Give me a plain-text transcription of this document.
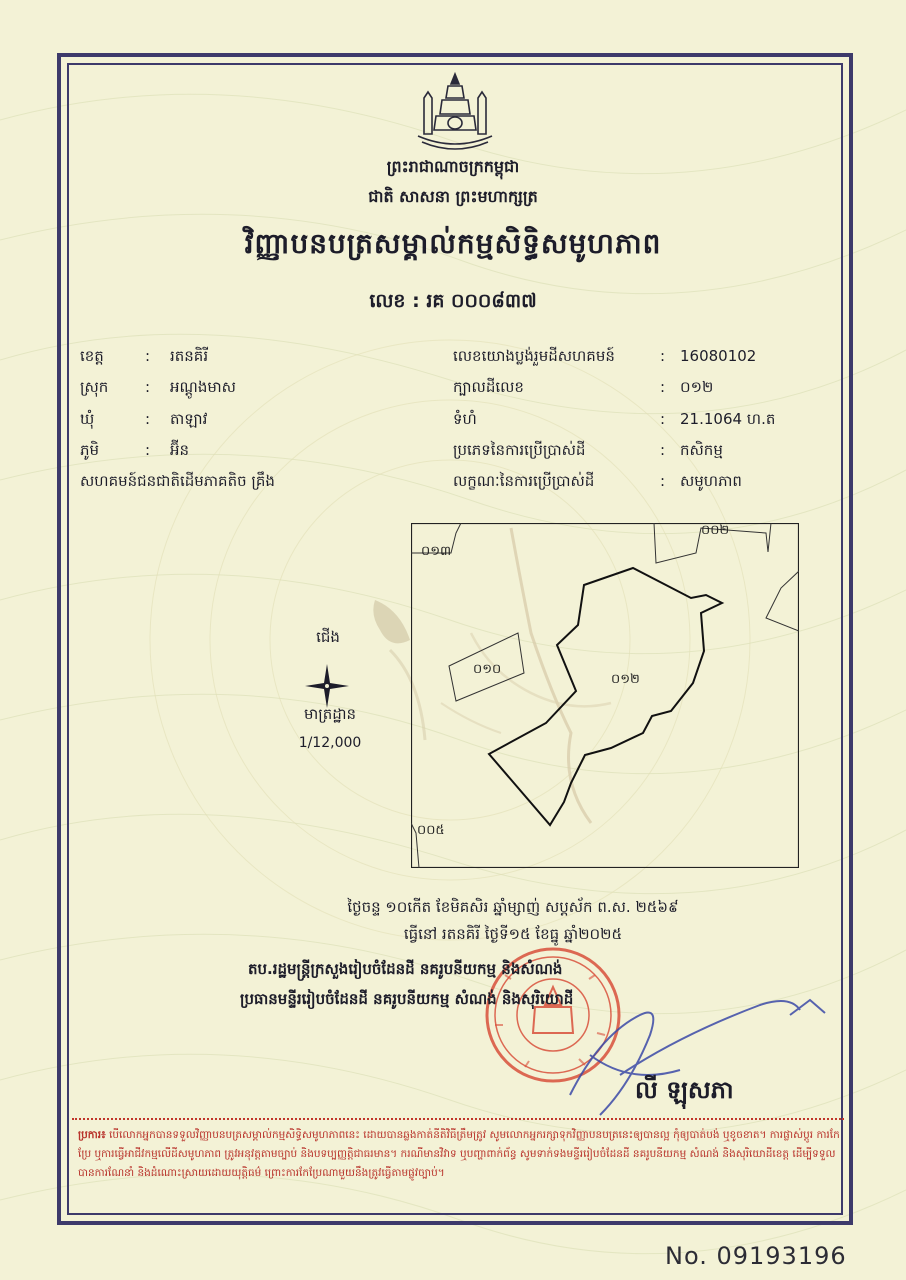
ព្រះរាជាណាចក្រកម្ពុជា
ជាតិ សាសនា ព្រះមហាក្សត្រ
វិញ្ញាបនបត្រសម្គាល់កម្មសិទ្ធិសមូហភាព
លេខ : រគ ០០០៨៣៧
ខេត្ត	: រតនគិរី
ស្រុក : អណ្ដូងមាស
ឃុំ	: តាឡាវ
ភូមិ	: អ៊ីន
សហគមន៍ជនជាតិដើមភាគតិច គ្រឹង
លេខយោងប្លង់រួមដីសហគមន៍	: 16080102
ក្បាលដីលេខ	: ០១២
ទំហំ	: 21.1064 ហ.ត
ប្រភេទនៃការប្រើប្រាស់ដី	: កសិកម្ម
លក្ខណៈនៃការប្រើប្រាស់ដី	: សមូហភាព
០១៣
០០២
០១០
០១២
០០៥
ជើង
មាត្រដ្ឋាន
1/12,000
ថ្ងៃចន្ទ ១០កេីត ខែមិគសិរ ឆ្នាំម្សាញ់ សប្ដស័ក ព.ស. ២៥៦៩
ធ្វើនៅ រតនគិរី ថ្ងៃទី១៥ ខែធ្នូ ឆ្នាំ២០២៥
តប.រដ្ឋមន្ត្រីក្រសួងរៀបចំដែនដី នគរូបនីយកម្ម និងសំណង់
ប្រធានមន្ទីររៀបចំដែនដី នគរូបនីយកម្ម សំណង់ និងសុរិយោដី
លី ឡុសភា
ប្រការ៖ បើលោកអ្នកបានទទួលវិញ្ញាបនបត្រសម្គាល់កម្មសិទ្ធិសមូហភាពនេះ ដោយបានឆ្លងកាត់នីតិវិធីត្រឹមត្រូវ សូមលោកអ្នករក្សាទុកវិញ្ញាបនបត្រនេះឲ្យបានល្អ កុំឲ្យបាត់បង់ ឬខូចខាត។ ការផ្លាស់ប្ដូរ ការកែប្រែ ឬការធ្វើអាជីវកម្មលើដីសមូហភាព ត្រូវអនុវត្តតាមច្បាប់ និងបទប្បញ្ញត្តិជាធរមាន។ ករណីមានវិវាទ ឬបញ្ហាពាក់ព័ន្ធ សូមទាក់ទងមន្ទីររៀបចំដែនដី នគរូបនីយកម្ម សំណង់ និងសុរិយោដីខេត្ត ដើម្បីទទួលបានការណែនាំ និងដំណោះស្រាយដោយយុត្តិធម៌ ព្រោះការកែប្រែណាមួយនឹងត្រូវធ្វើតាមផ្លូវច្បាប់។
No. 09193196
